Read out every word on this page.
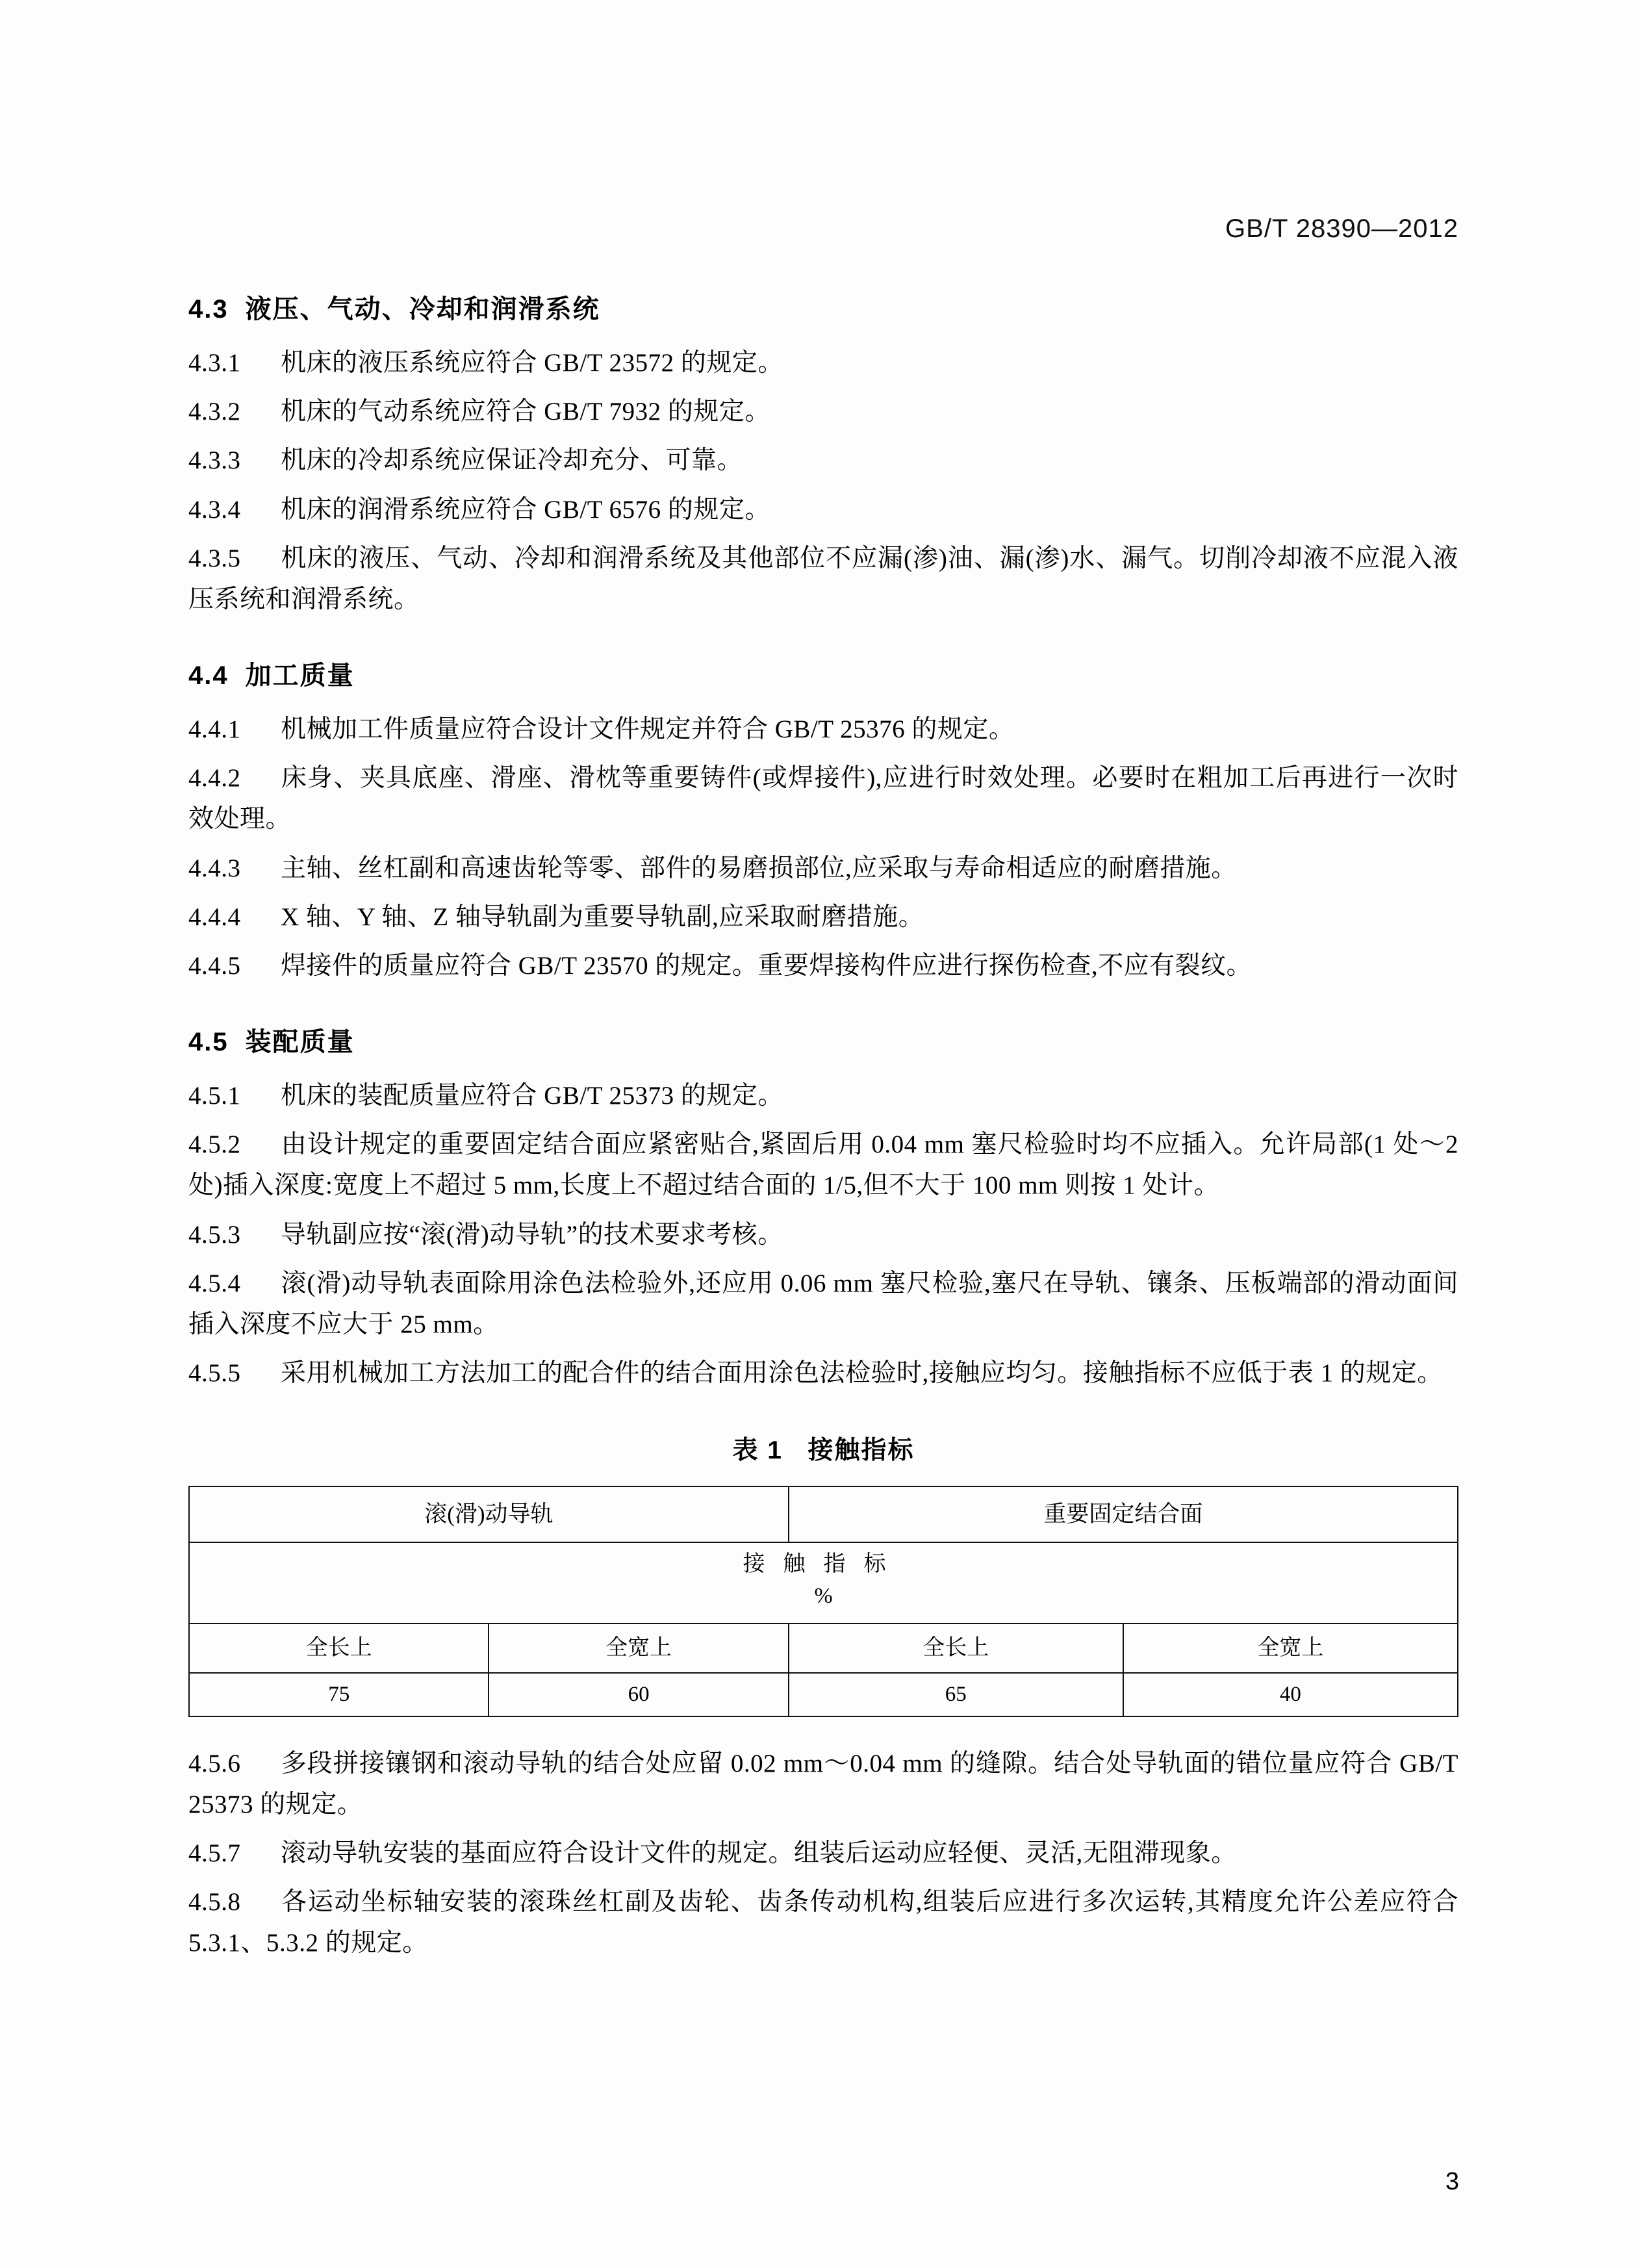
GB/T 28390—2012
4.3 液压、气动、冷却和润滑系统

4.3.1 机床的液压系统应符合 GB/T 23572 的规定。

4.3.2 机床的气动系统应符合 GB/T 7932 的规定。

4.3.3 机床的冷却系统应保证冷却充分、可靠。

4.3.4 机床的润滑系统应符合 GB/T 6576 的规定。

4.3.5 机床的液压、气动、冷却和润滑系统及其他部位不应漏(渗)油、漏(渗)水、漏气。切削冷却液不应混入液压系统和润滑系统。

4.4 加工质量

4.4.1 机械加工件质量应符合设计文件规定并符合 GB/T 25376 的规定。

4.4.2 床身、夹具底座、滑座、滑枕等重要铸件(或焊接件),应进行时效处理。必要时在粗加工后再进行一次时效处理。

4.4.3 主轴、丝杠副和高速齿轮等零、部件的易磨损部位,应采取与寿命相适应的耐磨措施。

4.4.4 X 轴、Y 轴、Z 轴导轨副为重要导轨副,应采取耐磨措施。

4.4.5 焊接件的质量应符合 GB/T 23570 的规定。重要焊接构件应进行探伤检查,不应有裂纹。

4.5 装配质量

4.5.1 机床的装配质量应符合 GB/T 25373 的规定。

4.5.2 由设计规定的重要固定结合面应紧密贴合,紧固后用 0.04 mm 塞尺检验时均不应插入。允许局部(1 处～2 处)插入深度:宽度上不超过 5 mm,长度上不超过结合面的 1/5,但不大于 100 mm 则按 1 处计。

4.5.3 导轨副应按“滚(滑)动导轨”的技术要求考核。

4.5.4 滚(滑)动导轨表面除用涂色法检验外,还应用 0.06 mm 塞尺检验,塞尺在导轨、镶条、压板端部的滑动面间插入深度不应大于 25 mm。

4.5.5 采用机械加工方法加工的配合件的结合面用涂色法检验时,接触应均匀。接触指标不应低于表 1 的规定。

表 1 接触指标
滚(滑)动导轨		重要固定结合面	

接触指标
%			

全长上	全宽上	全长上	全宽上
75	60	65	40

4.5.6 多段拼接镶钢和滚动导轨的结合处应留 0.02 mm～0.04 mm 的缝隙。结合处导轨面的错位量应符合 GB/T 25373 的规定。

4.5.7 滚动导轨安装的基面应符合设计文件的规定。组装后运动应轻便、灵活,无阻滞现象。

4.5.8 各运动坐标轴安装的滚珠丝杠副及齿轮、齿条传动机构,组装后应进行多次运转,其精度允许公差应符合 5.3.1、5.3.2 的规定。

3
